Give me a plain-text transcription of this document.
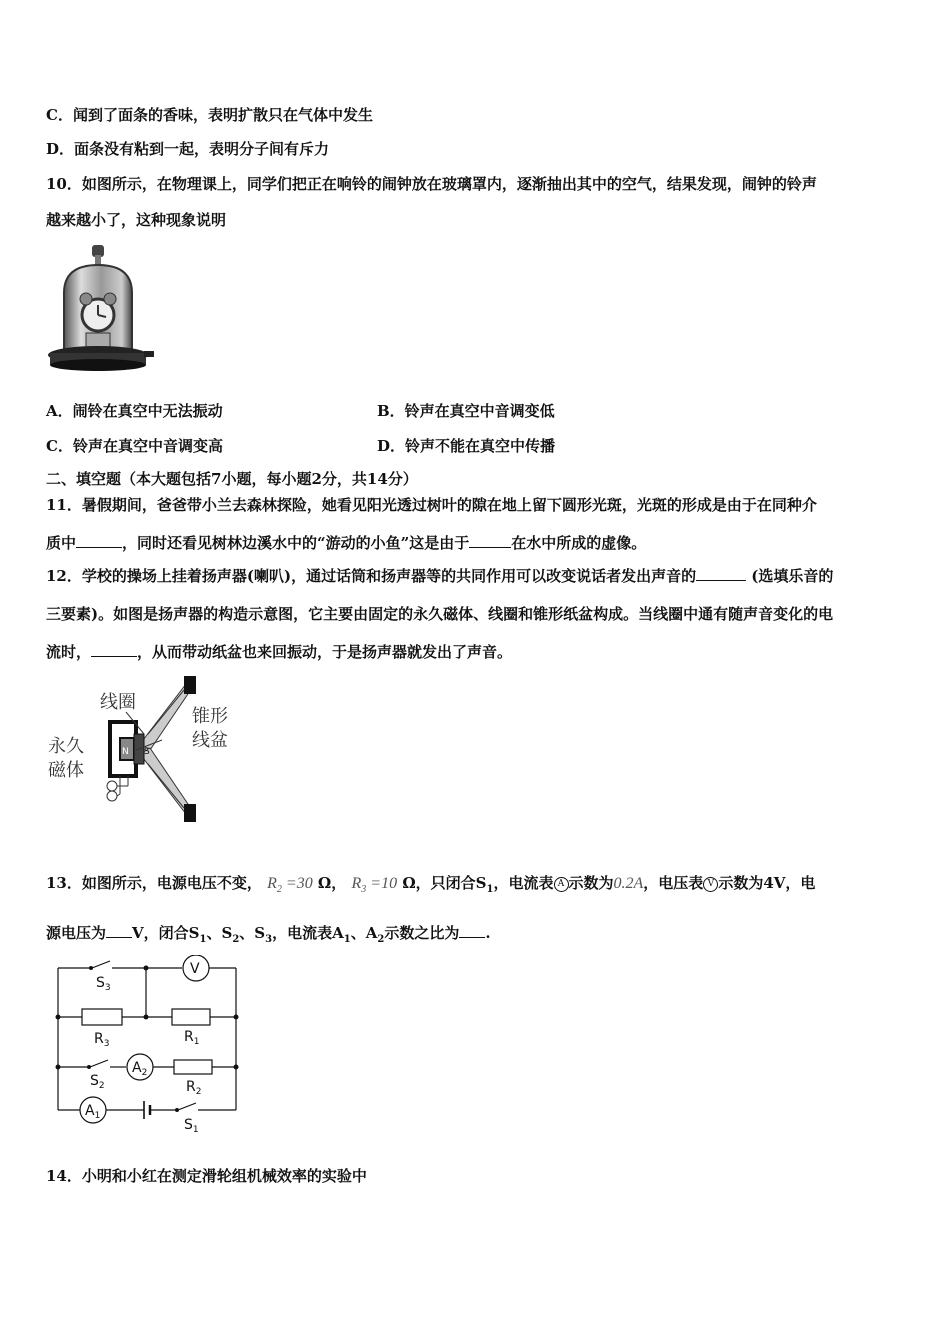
C．闻到了面条的香味，表明扩散只在气体中发生
D．面条没有粘到一起，表明分子间有斥力
10．如图所示，在物理课上，同学们把正在响铃的闹钟放在玻璃罩内，逐渐抽出其中的空气，结果发现，闹钟的铃声
越来越小了，这种现象说明
A．闹铃在真空中无法振动	B．铃声在真空中音调变低
C．铃声在真空中音调变高	D．铃声不能在真空中传播
二、填空题（本大题包括7小题，每小题2分，共14分）
11．暑假期间，爸爸带小兰去森林探险，她看见阳光透过树叶的隙在地上留下圆形光斑，光斑的形成是由于在同种介
质中	，同时还看见树林边溪水中的“游动的小鱼”这是由于	在水中所成的虚像。
12．学校的操场上挂着扬声器(喇叭)，通过话筒和扬声器等的共同作用可以改变说话者发出声音的	(选填乐音的
三要素)。如图是扬声器的构造示意图，它主要由固定的永久磁体、线圈和锥形纸盆构成。当线圈中通有随声音变化的电
流时，	，从而带动纸盆也来回振动，于是扬声器就发出了声音。
线圈
锥形
线盆
永久
磁体
N S
13．如图所示，电源电压不变， $R_2 =30$ Ω， $R_3 =10$ Ω，只闭合$S_1$，电流表 A 示数为0.2A，电压表 V 示数为4V，电
源电压为 V，闭合$S_1$、$S_2$、$S_3$，电流表$A_1$、$A_2$示数之比为 .
$S_3$
V
$R_3$	$R_1$
$S_2$
$A_2$
$R_2$
$A_1$
$S_1$
14．小明和小红在测定滑轮组机械效率的实验中
